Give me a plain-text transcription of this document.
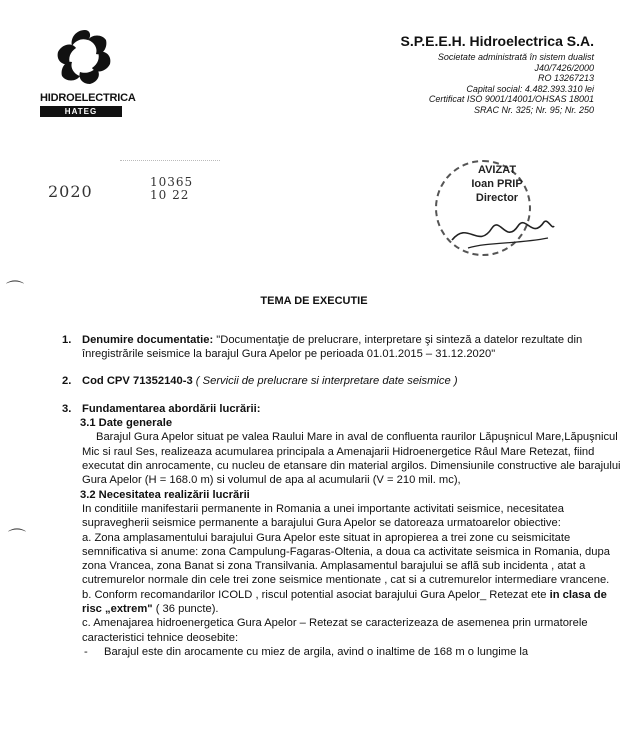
HIDROELECTRICA
HATEG
S.P.E.E.H. Hidroelectrica S.A.
Societate administrată în sistem dualist
J40/7426/2000
RO 13267213
Capital social: 4.482.393.310 lei
Certificat ISO 9001/14001/OHSAS 18001
SRAC Nr. 325; Nr. 95; Nr. 250
2020	10365
10 22
AVIZAT
Ioan PRIP
Director
⌒
⌒
TEMA DE EXECUTIE
1. Denumire documentatie: "Documentaţie de prelucrare, interpretare şi sinteză a datelor rezultate din înregistrările seismice la barajul Gura Apelor pe perioada 01.01.2015 – 31.12.2020"
2. Cod CPV 71352140-3 ( Servicii de prelucrare si interpretare date seismice )
3. Fundamentarea abordării lucrării:
3.1 Date generale

Barajul Gura Apelor situat pe valea Raului Mare in aval de confluenta raurilor Lăpuşnicul Mare,Lăpuşnicul Mic si raul Ses, realizeaza acumularea principala a Amenajarii Hidroenergetice Râul Mare Retezat, fiind executat din anrocamente, cu nucleu de etansare din material argilos. Dimensiunile constructive ale barajului Gura Apelor (H = 168.0 m) si volumul de apa al acumularii (V = 210 mil. mc),

3.2 Necesitatea realizării lucrării

In conditiile manifestarii permanente in Romania a unei importante activitati seismice, necesitatea supravegherii seismice permanente a barajului Gura Apelor se datoreaza urmatoarelor obiective:

a. Zona amplasamentului barajului Gura Apelor este situat in apropierea a trei zone cu seismicitate semnificativa si anume: zona Campulung-Fagaras-Oltenia, a doua ca activitate seismica in Romania, dupa zona Vrancea, zona Banat si zona Transilvania. Amplasamentul barajului se află sub incidenta , atat a cutremurelor normale din cele trei zone seismice mentionate , cat si a cutremurelor intermediare vrancene.

b. Conform recomandarilor ICOLD , riscul potential asociat barajului Gura Apelor_ Retezat ete in clasa de risc „extrem" ( 36 puncte).

c. Amenajarea hidroenergetica Gura Apelor – Retezat se caracterizeaza de asemenea prin urmatorele caracteristici tehnice deosebite:

- Barajul este din arocamente cu miez de argila, avind o inaltime de 168 m o lungime la
